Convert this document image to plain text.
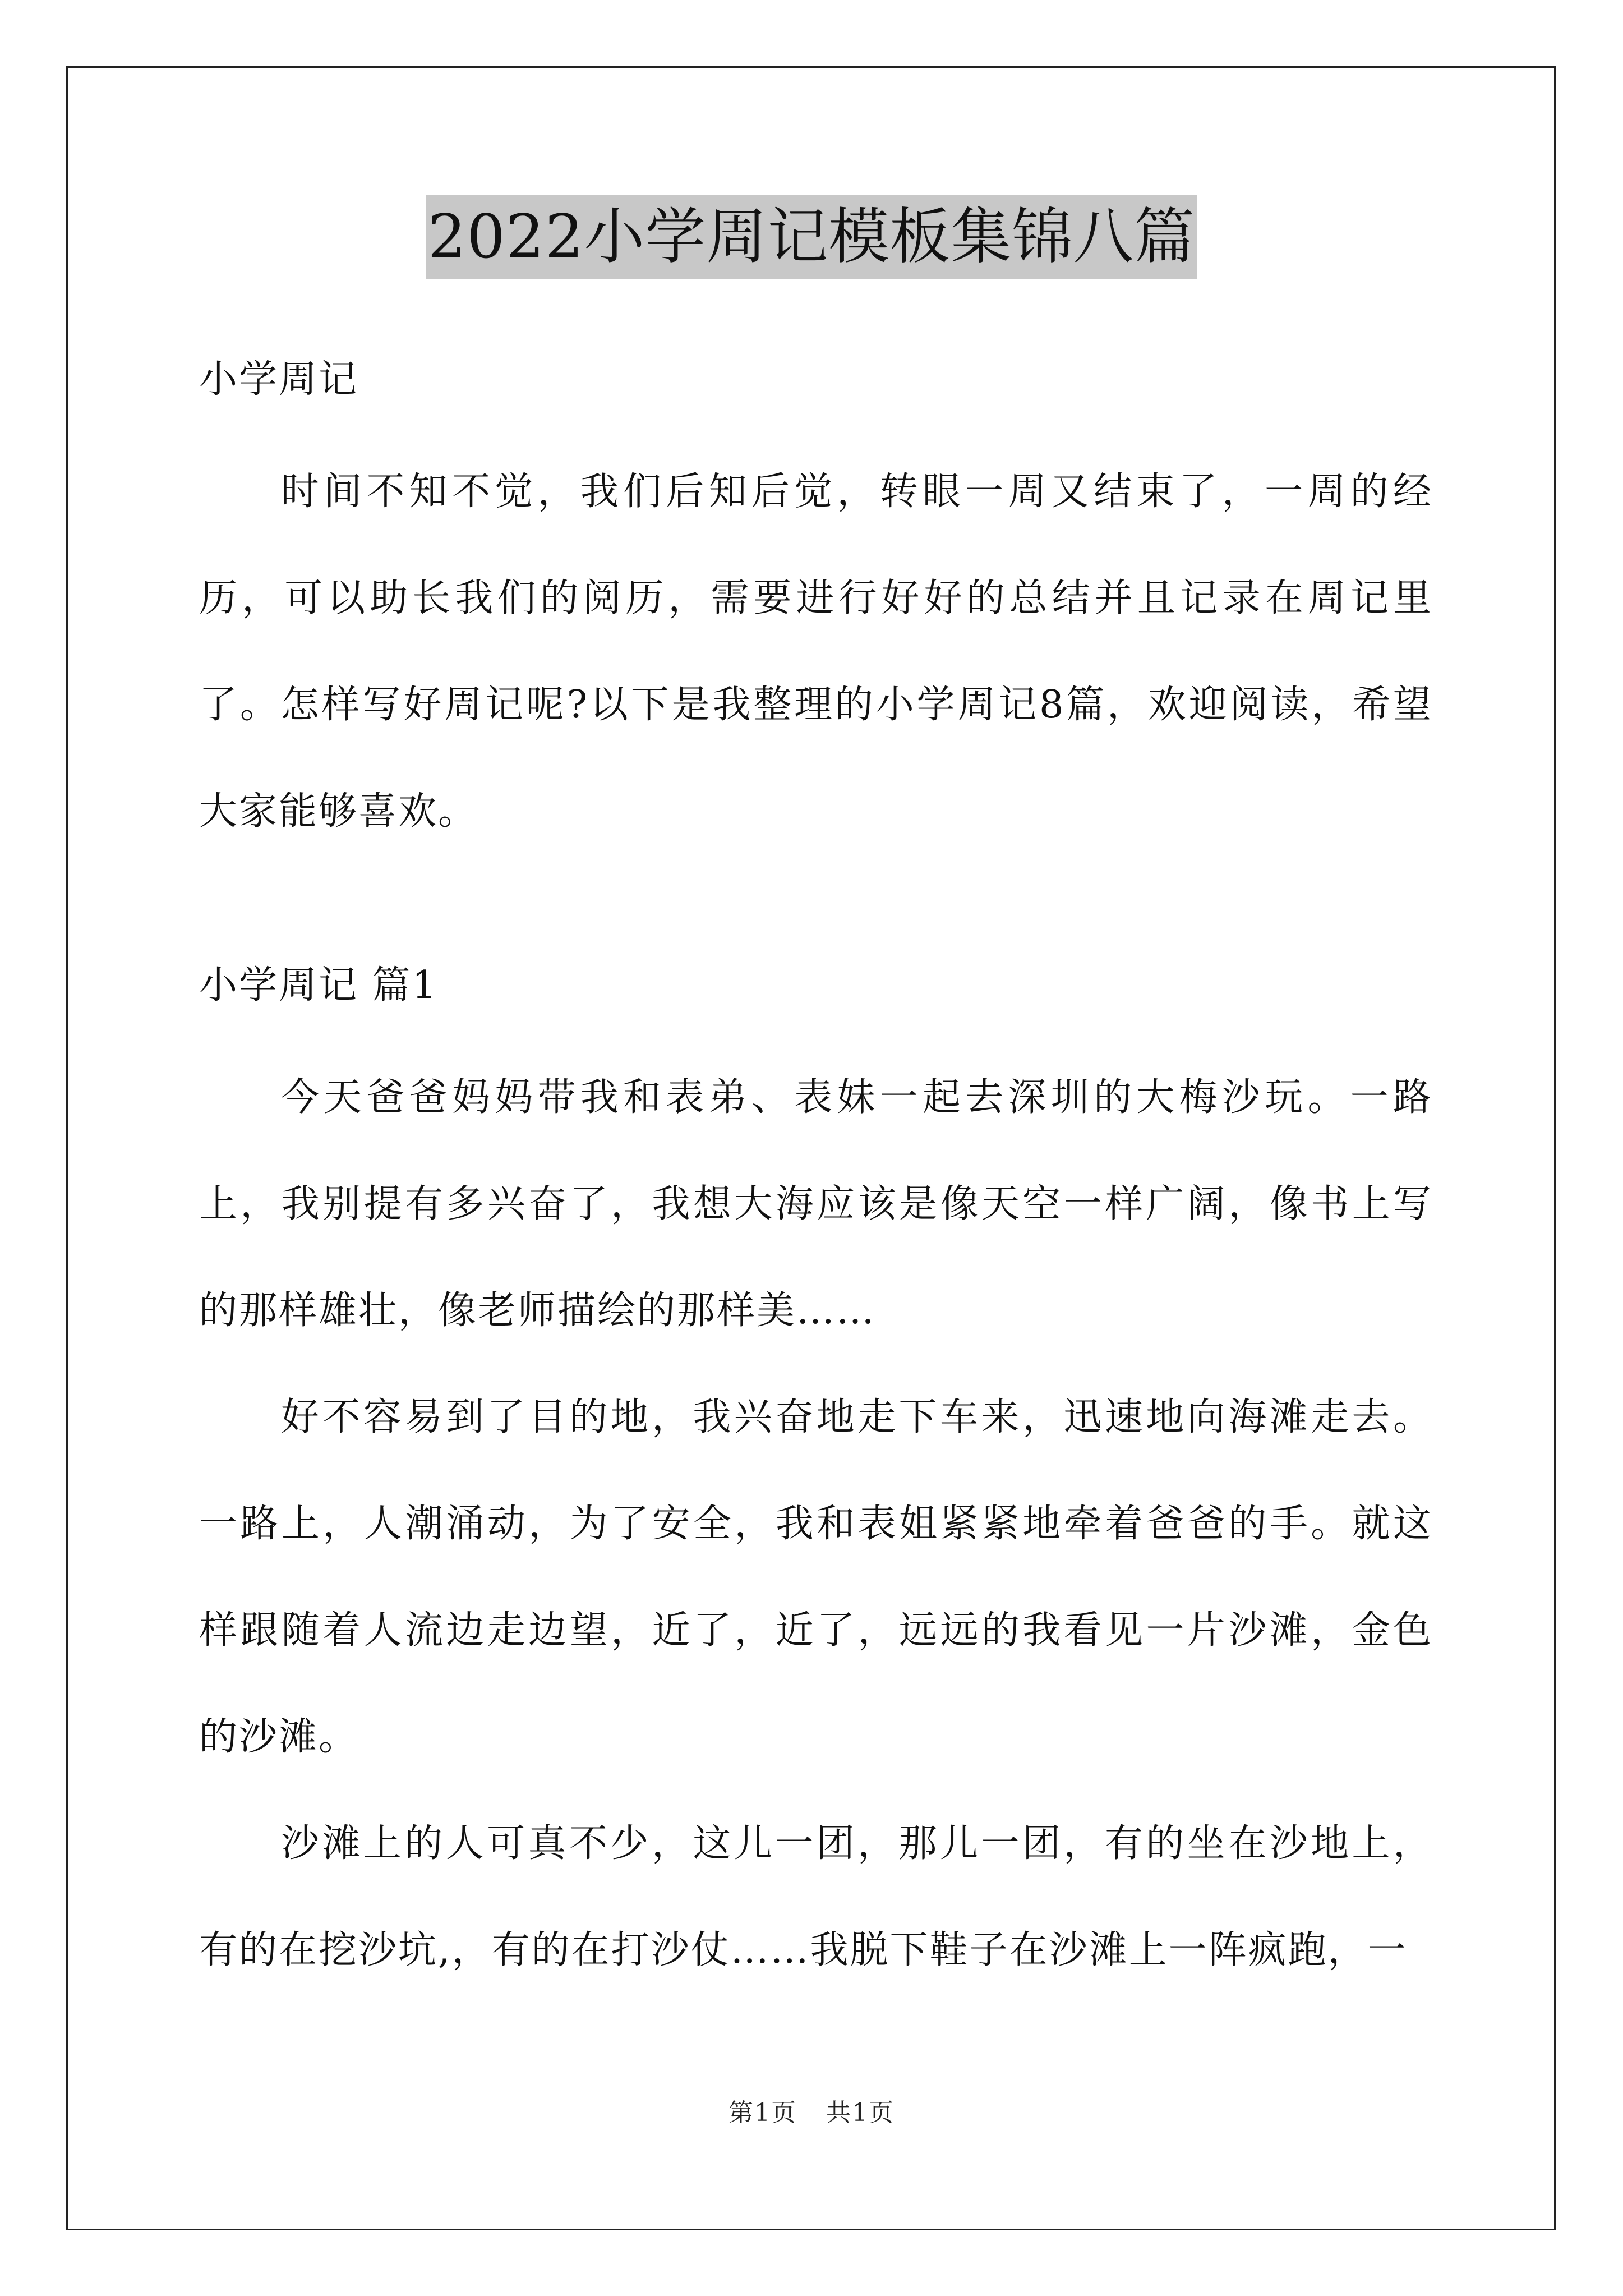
2022小学周记模板集锦八篇
小学周记

时间不知不觉，我们后知后觉，转眼一周又结束了，一周的经历，可以助长我们的阅历，需要进行好好的总结并且记录在周记里了。怎样写好周记呢?以下是我整理的小学周记8篇，欢迎阅读，希望大家能够喜欢。

小学周记 篇1

今天爸爸妈妈带我和表弟、表妹一起去深圳的大梅沙玩。一路上，我别提有多兴奋了，我想大海应该是像天空一样广阔，像书上写的那样雄壮，像老师描绘的那样美……

好不容易到了目的地，我兴奋地走下车来，迅速地向海滩走去。一路上，人潮涌动，为了安全，我和表姐紧紧地牵着爸爸的手。就这样跟随着人流边走边望，近了，近了，远远的我看见一片沙滩，金色的沙滩。

沙滩上的人可真不少，这儿一团，那儿一团，有的坐在沙地上，有的在挖沙坑,，有的在打沙仗……我脱下鞋子在沙滩上一阵疯跑，一

第1页 共1页
